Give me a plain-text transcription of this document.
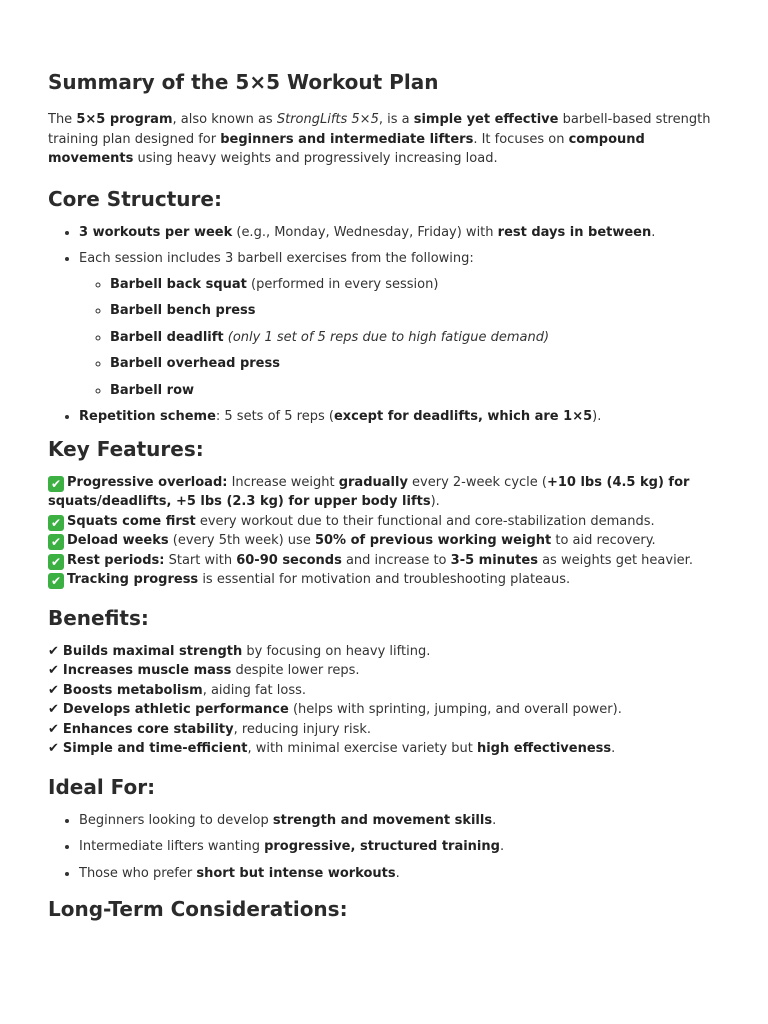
Summary of the 5×5 Workout Plan

The 5×5 program, also known as StrongLifts 5×5, is a simple yet effective barbell-based strength training plan designed for beginners and intermediate lifters. It focuses on compound movements using heavy weights and progressively increasing load.

Core Structure:
• 3 workouts per week (e.g., Monday, Wednesday, Friday) with rest days in between.
• Each session includes 3 barbell exercises from the following:
◦ Barbell back squat (performed in every session)
◦ Barbell bench press
◦ Barbell deadlift (only 1 set of 5 reps due to high fatigue demand)
◦ Barbell overhead press
◦ Barbell row
• Repetition scheme: 5 sets of 5 reps (except for deadlifts, which are 1×5).
Key Features:

✔ Progressive overload: Increase weight gradually every 2-week cycle (+10 lbs (4.5 kg) for squats/deadlifts, +5 lbs (2.3 kg) for upper body lifts).

✔ Squats come first every workout due to their functional and core-stabilization demands.

✔ Deload weeks (every 5th week) use 50% of previous working weight to aid recovery.

✔ Rest periods: Start with 60-90 seconds and increase to 3-5 minutes as weights get heavier.

✔ Tracking progress is essential for motivation and troubleshooting plateaus.

Benefits:

✔ Builds maximal strength by focusing on heavy lifting.

✔ Increases muscle mass despite lower reps.

✔ Boosts metabolism, aiding fat loss.

✔ Develops athletic performance (helps with sprinting, jumping, and overall power).

✔ Enhances core stability, reducing injury risk.

✔ Simple and time-efficient, with minimal exercise variety but high effectiveness.

Ideal For:
• Beginners looking to develop strength and movement skills.
• Intermediate lifters wanting progressive, structured training.
• Those who prefer short but intense workouts.
Long-Term Considerations:
